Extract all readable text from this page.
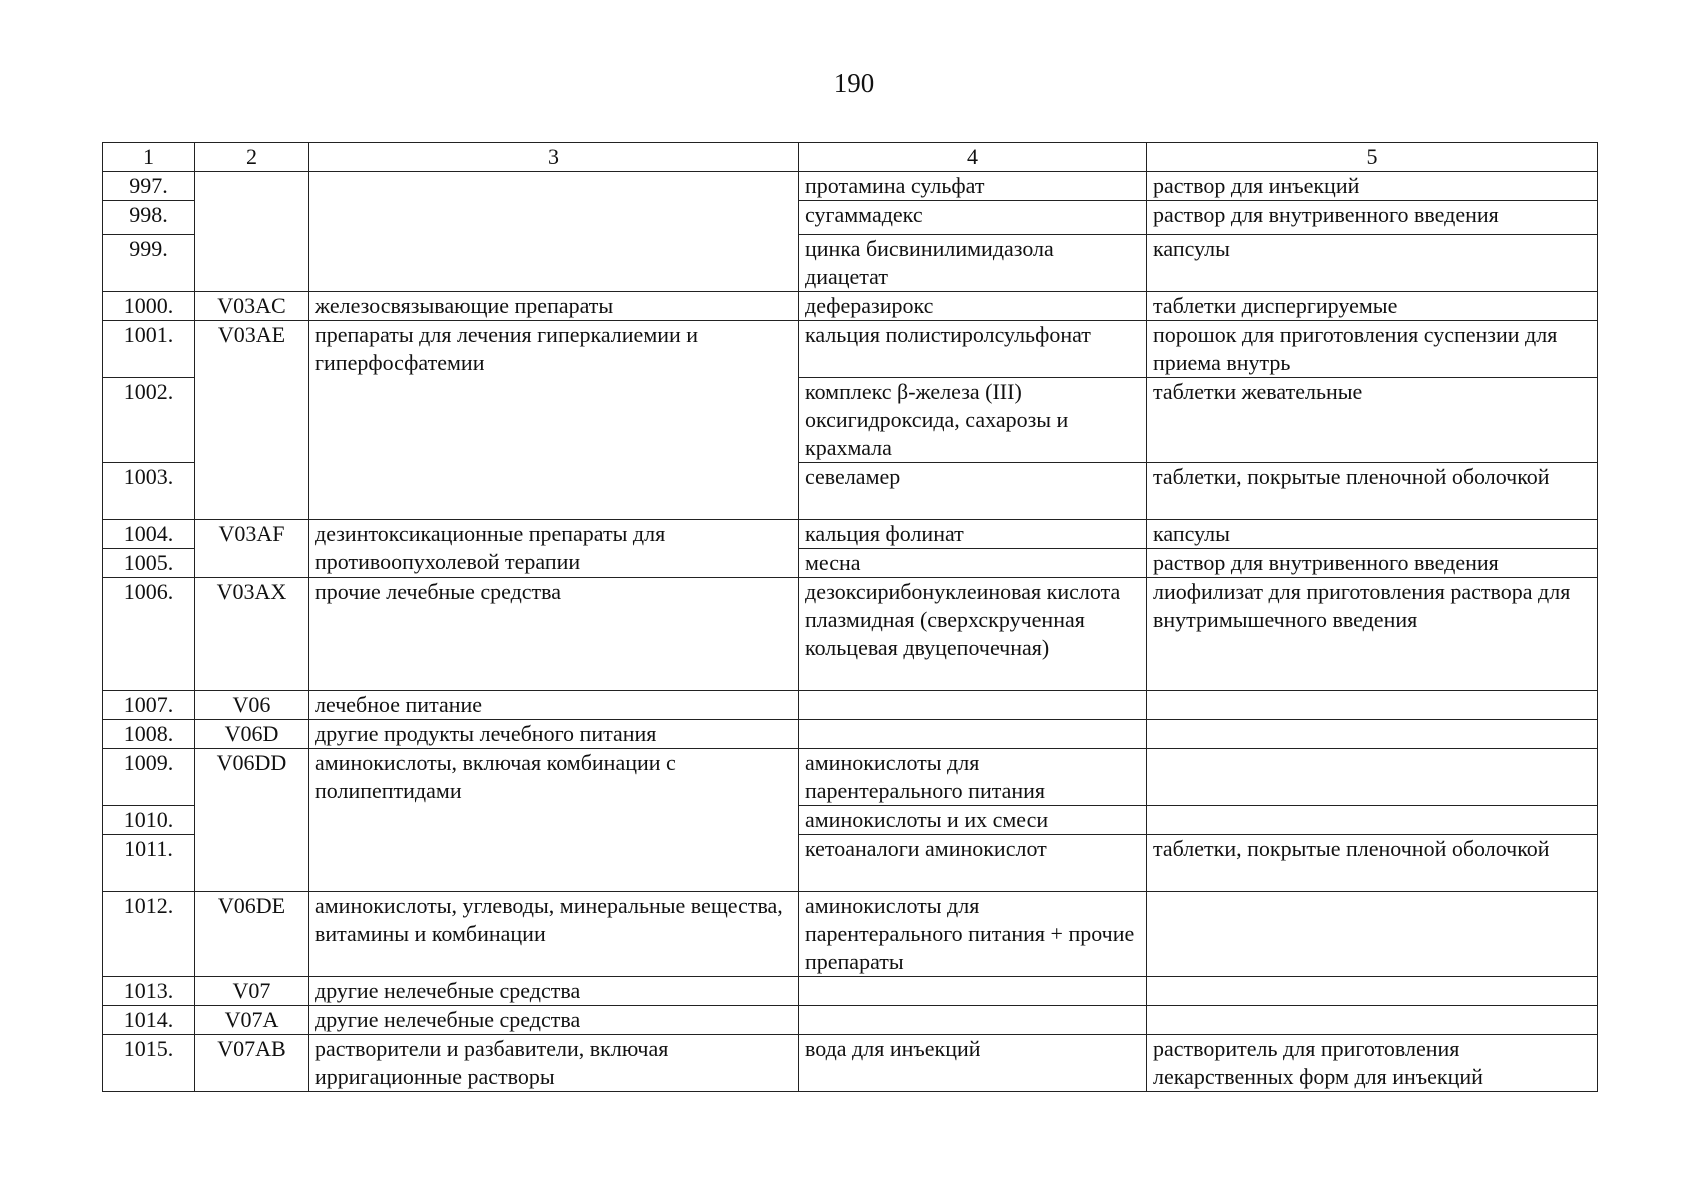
190
1	2	3	4	5
997.			протамина сульфат	раствор для инъекций
998.			сугаммадекс	раствор для внутривенного введения
999.			цинка бисвинилимидазола диацетат	капсулы
1000.	V03AC	железосвязывающие препараты	деферазирокс	таблетки диспергируемые
1001.	V03AE	препараты для лечения гиперкалиемии и гиперфосфатемии	кальция полистиролсульфонат	порошок для приготовления суспензии для приема внутрь
1002.			комплекс β-железа (III) оксигидроксида, сахарозы и крахмала	таблетки жевательные
1003.			севеламер	таблетки, покрытые пленочной оболочкой
1004.	V03AF	дезинтоксикационные препараты для противоопухолевой терапии	кальция фолинат	капсулы
1005.			месна	раствор для внутривенного введения
1006.	V03AX	прочие лечебные средства	дезоксирибонуклеиновая кислота плазмидная (сверхскрученная кольцевая двуцепочечная)	лиофилизат для приготовления раствора для внутримышечного введения
1007.	V06	лечебное питание		
1008.	V06D	другие продукты лечебного питания		
1009.	V06DD	аминокислоты, включая комбинации с полипептидами	аминокислоты для парентерального питания	
1010.			аминокислоты и их смеси	
1011.			кетоаналоги аминокислот	таблетки, покрытые пленочной оболочкой
1012.	V06DE	аминокислоты, углеводы, минеральные вещества, витамины и комбинации	аминокислоты для парентерального питания + прочие препараты	
1013.	V07	другие нелечебные средства		
1014.	V07A	другие нелечебные средства		
1015.	V07AB	растворители и разбавители, включая ирригационные растворы	вода для инъекций	растворитель для приготовления лекарственных форм для инъекций
